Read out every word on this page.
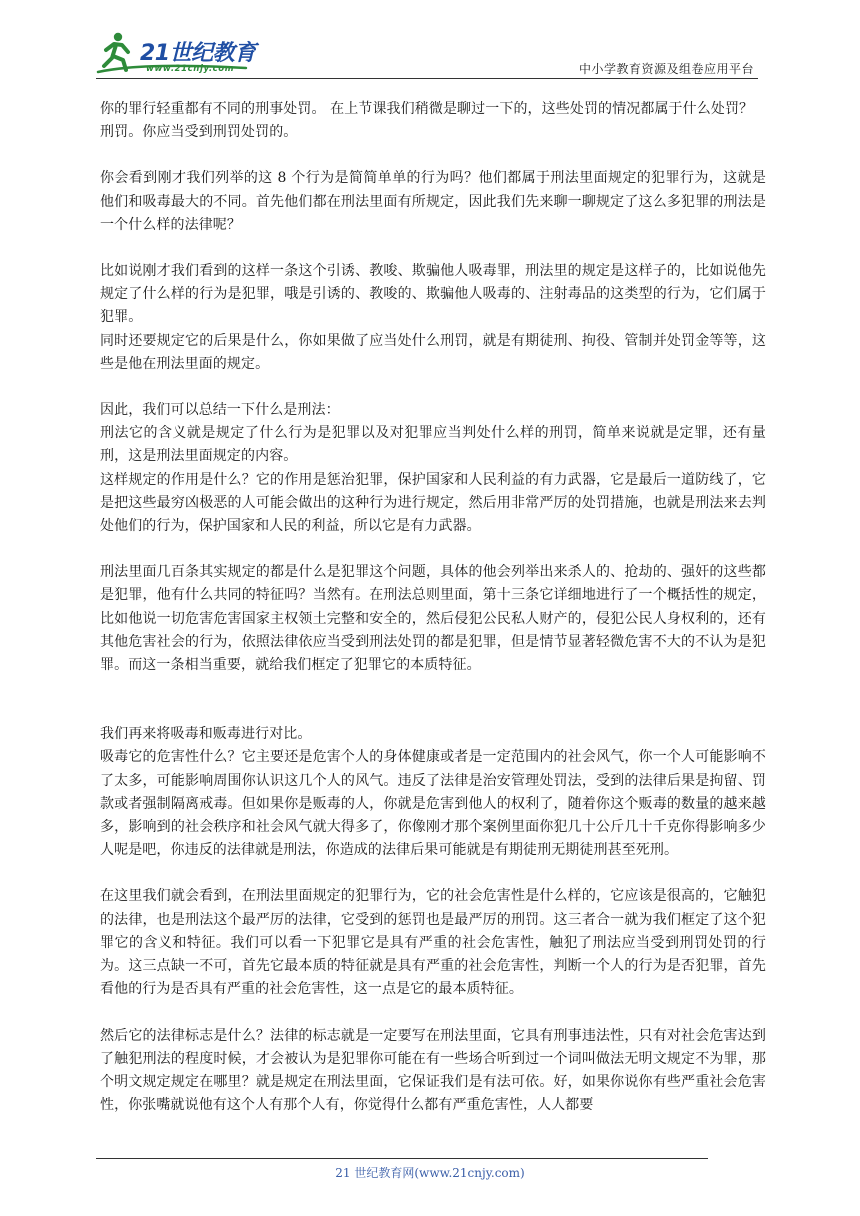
21世纪教育
www.21cnjy.com	中小学教育资源及组卷应用平台

你的罪行轻重都有不同的刑事处罚。 在上节课我们稍微是聊过一下的，这些处罚的情况都属于什么处罚？

刑罚。你应当受到刑罚处罚的。

你会看到刚才我们列举的这 8 个行为是简简单单的行为吗？他们都属于刑法里面规定的犯罪行为，这就是他们和吸毒最大的不同。首先他们都在刑法里面有所规定，因此我们先来聊一聊规定了这么多犯罪的刑法是一个什么样的法律呢？

比如说刚才我们看到的这样一条这个引诱、教唆、欺骗他人吸毒罪，刑法里的规定是这样子的，比如说他先规定了什么样的行为是犯罪，哦是引诱的、教唆的、欺骗他人吸毒的、注射毒品的这类型的行为，它们属于犯罪。

同时还要规定它的后果是什么，你如果做了应当处什么刑罚，就是有期徒刑、拘役、管制并处罚金等等，这些是他在刑法里面的规定。

因此，我们可以总结一下什么是刑法：

刑法它的含义就是规定了什么行为是犯罪以及对犯罪应当判处什么样的刑罚，简单来说就是定罪，还有量刑，这是刑法里面规定的内容。

这样规定的作用是什么？它的作用是惩治犯罪，保护国家和人民利益的有力武器，它是最后一道防线了，它是把这些最穷凶极恶的人可能会做出的这种行为进行规定，然后用非常严厉的处罚措施，也就是刑法来去判处他们的行为，保护国家和人民的利益，所以它是有力武器。

刑法里面几百条其实规定的都是什么是犯罪这个问题，具体的他会列举出来杀人的、抢劫的、强奸的这些都是犯罪，他有什么共同的特征吗？当然有。在刑法总则里面，第十三条它详细地进行了一个概括性的规定，比如他说一切危害危害国家主权领土完整和安全的，然后侵犯公民私人财产的，侵犯公民人身权利的，还有其他危害社会的行为，依照法律依应当受到刑法处罚的都是犯罪，但是情节显著轻微危害不大的不认为是犯罪。而这一条相当重要，就给我们框定了犯罪它的本质特征。

我们再来将吸毒和贩毒进行对比。

吸毒它的危害性什么？它主要还是危害个人的身体健康或者是一定范围内的社会风气，你一个人可能影响不了太多，可能影响周围你认识这几个人的风气。违反了法律是治安管理处罚法，受到的法律后果是拘留、罚款或者强制隔离戒毒。但如果你是贩毒的人，你就是危害到他人的权利了，随着你这个贩毒的数量的越来越多，影响到的社会秩序和社会风气就大得多了，你像刚才那个案例里面你犯几十公斤几十千克你得影响多少人呢是吧，你违反的法律就是刑法，你造成的法律后果可能就是有期徒刑无期徒刑甚至死刑。

在这里我们就会看到，在刑法里面规定的犯罪行为，它的社会危害性是什么样的，它应该是很高的，它触犯的法律，也是刑法这个最严厉的法律，它受到的惩罚也是最严厉的刑罚。这三者合一就为我们框定了这个犯罪它的含义和特征。我们可以看一下犯罪它是具有严重的社会危害性，触犯了刑法应当受到刑罚处罚的行为。这三点缺一不可，首先它最本质的特征就是具有严重的社会危害性，判断一个人的行为是否犯罪，首先看他的行为是否具有严重的社会危害性，这一点是它的最本质特征。

然后它的法律标志是什么？法律的标志就是一定要写在刑法里面，它具有刑事违法性，只有对社会危害达到了触犯刑法的程度时候，才会被认为是犯罪你可能在有一些场合听到过一个词叫做法无明文规定不为罪，那个明文规定规定在哪里？就是规定在刑法里面，它保证我们是有法可依。好，如果你说你有些严重社会危害性，你张嘴就说他有这个人有那个人有，你觉得什么都有严重危害性，人人都要

21 世纪教育网(www.21cnjy.com)
